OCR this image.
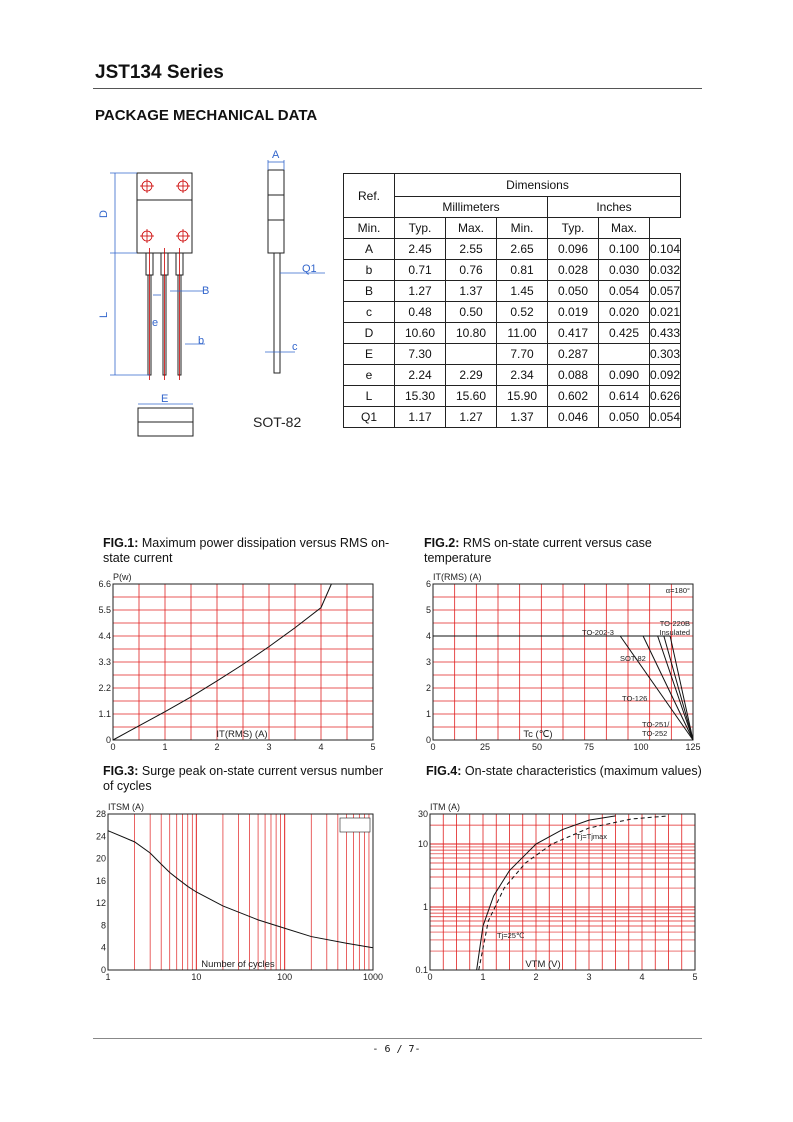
JST134 Series
PACKAGE MECHANICAL DATA
D
L
e
B
b
A
Q1
c
E
SOT-82
Ref.	Dimensions					
	Millimeters			Inches		
Min.	Typ.	Max.	Min.	Typ.	Max.	
A	2.45	2.55	2.65	0.096	0.100	0.104
b	0.71	0.76	0.81	0.028	0.030	0.032
B	1.27	1.37	1.45	0.050	0.054	0.057
c	0.48	0.50	0.52	0.019	0.020	0.021
D	10.60	10.80	11.00	0.417	0.425	0.433
E	7.30		7.70	0.287		0.303
e	2.24	2.29	2.34	0.088	0.090	0.092
L	15.30	15.60	15.90	0.602	0.614	0.626
Q1	1.17	1.27	1.37	0.046	0.050	0.054
FIG.1: Maximum power dissipation versus RMS on-state current
FIG.2: RMS on-state current versus case temperature
FIG.3: Surge peak on-state current versus number of cycles
FIG.4: On-state characteristics (maximum values)
0	1	2	3	4	5
0
1.1
2.2
3.3
4.4
5.5
6.6
P(w)
IT(RMS) (A)
0	25	50	75	100	125
0
1
2
3
4
5
6
IT(RMS) (A)
Tc (℃)
α=180°
TO-220B
Insulated
TO-202-3
SOT-82
TO-126
TO-251/
TO-252
1	10	100	1000
0
4
8
12
16
20
24
28
ITSM (A)
Number of cycles
0	1	2	3	4	5
0.1
1
10
30
ITM (A)
VTM (V)
Tj=Tjmax
Tj=25℃
- 6 / 7-
